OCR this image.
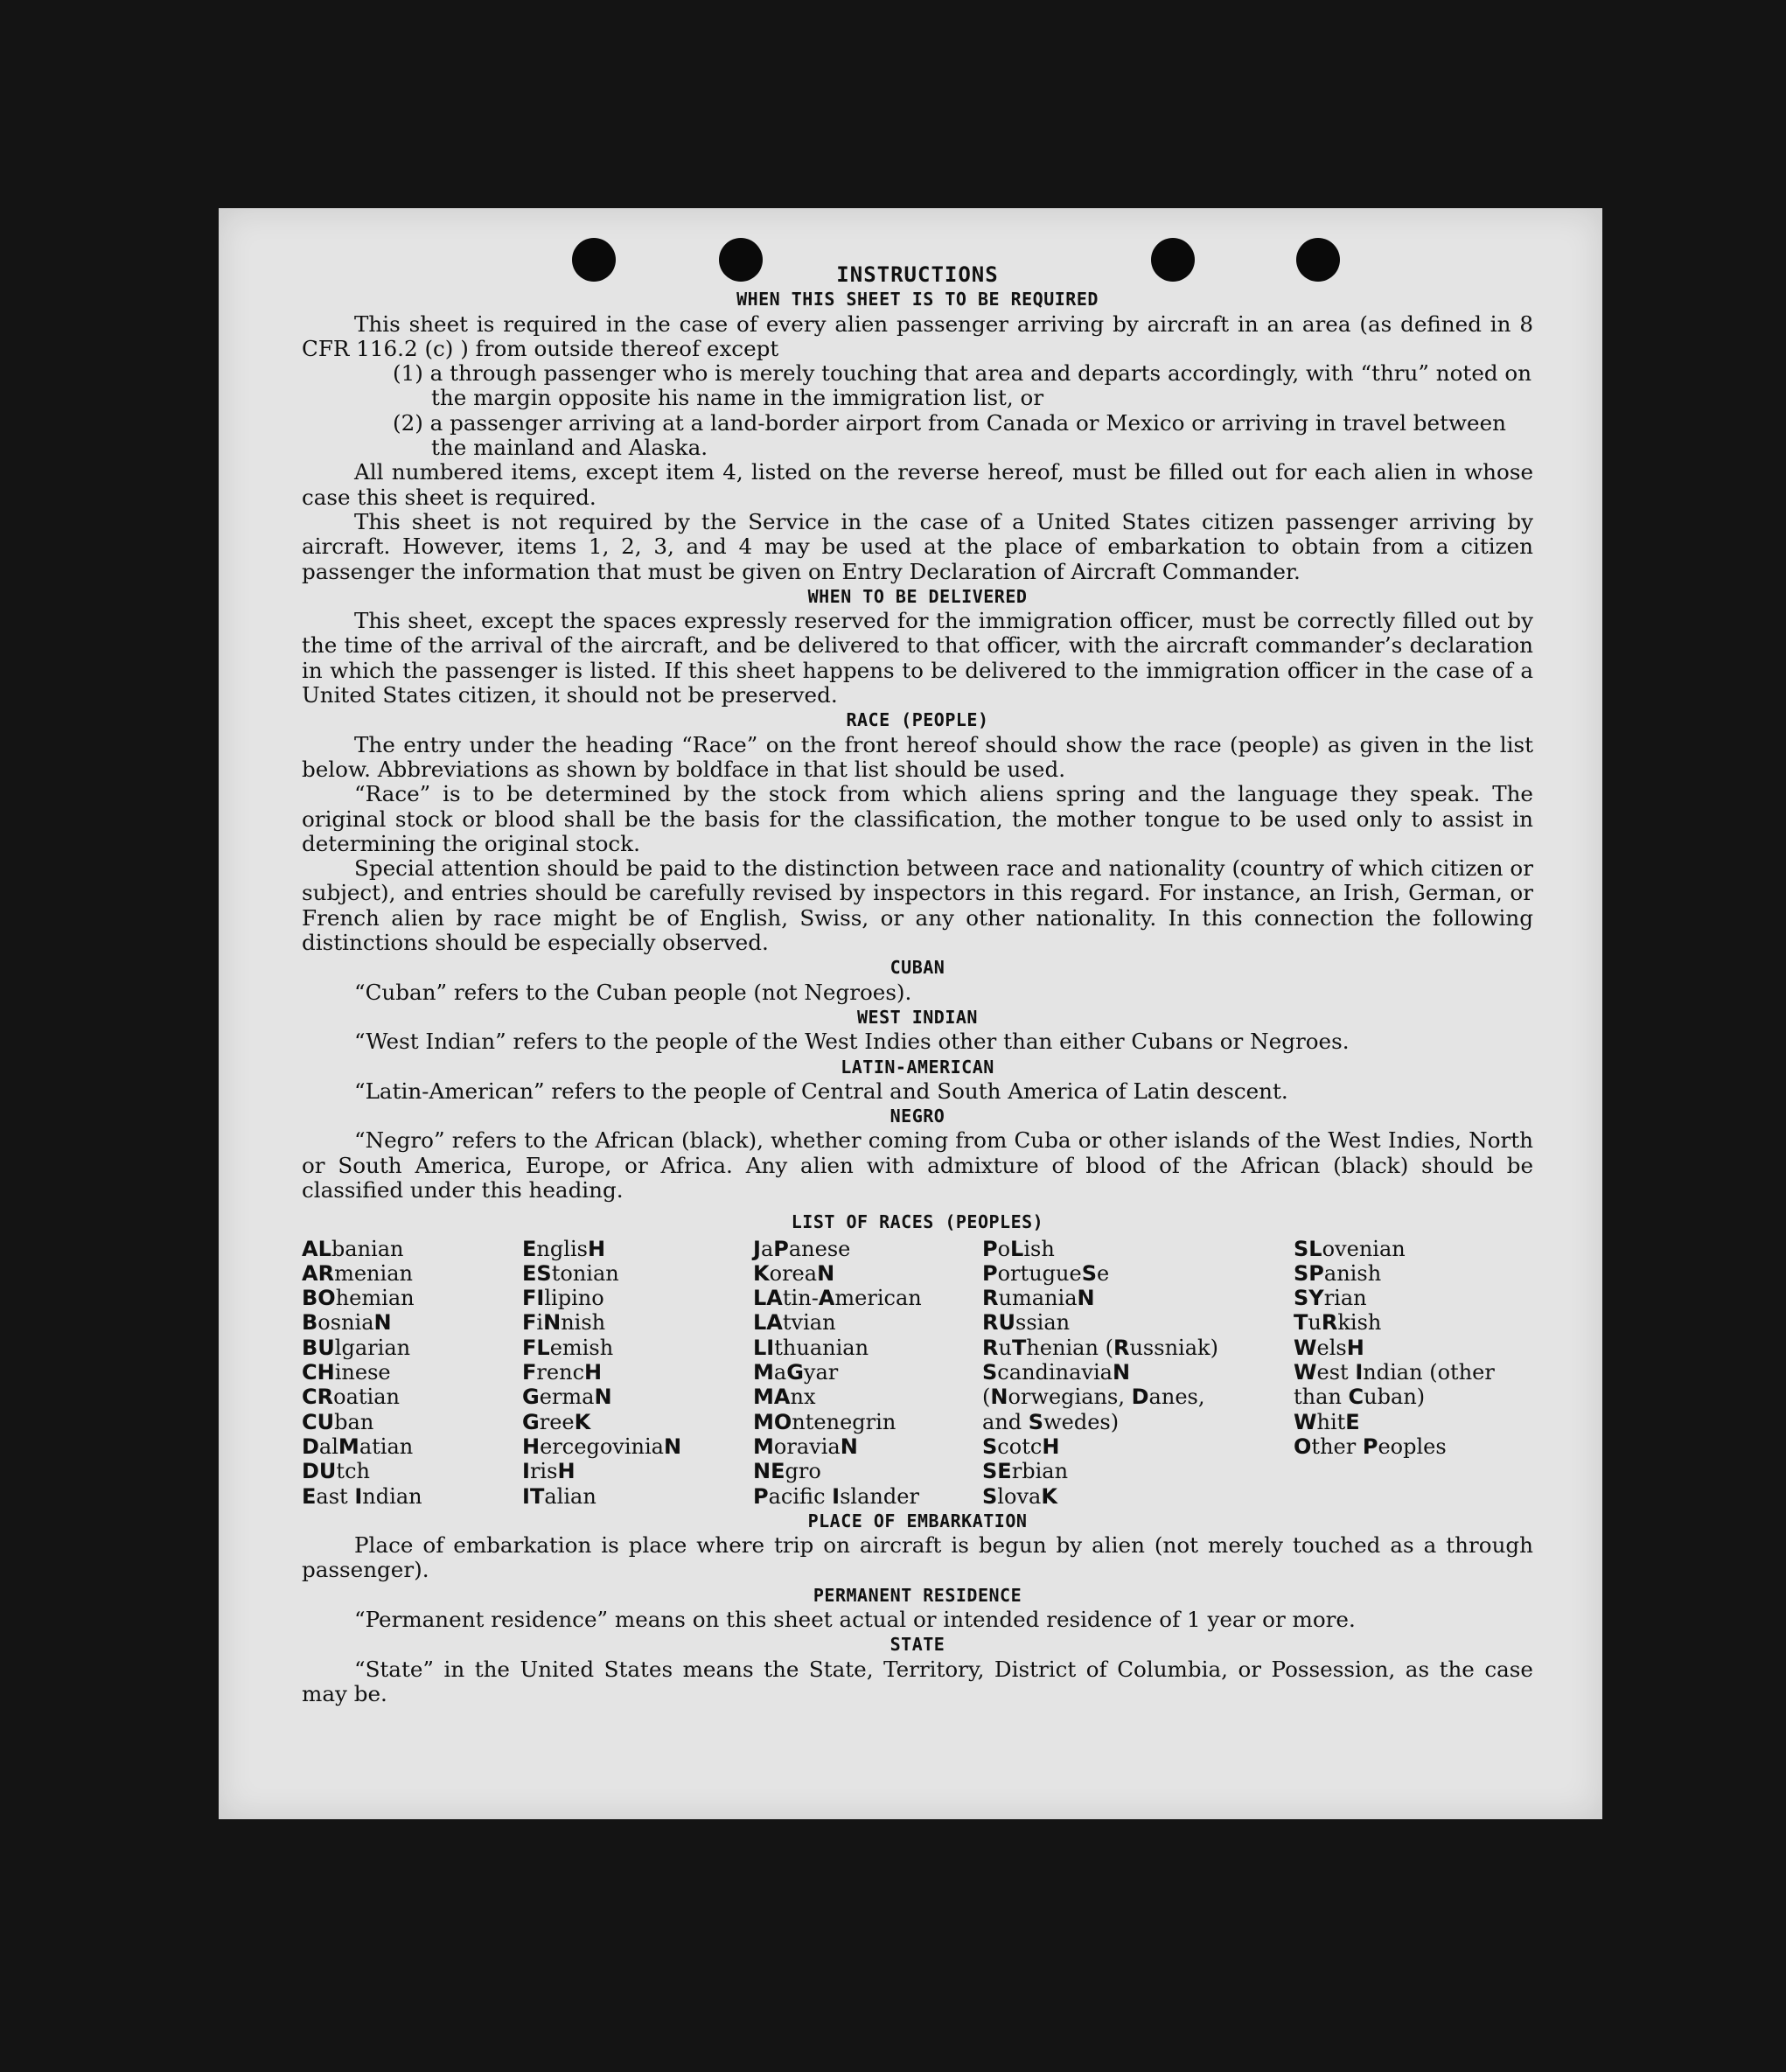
INSTRUCTIONS
WHEN THIS SHEET IS TO BE REQUIRED

This sheet is required in the case of every alien passenger arriving by aircraft in an area (as defined in 8 CFR 116.2 (c) ) from outside thereof except

(1) a through passenger who is merely touching that area and departs accordingly, with “thru” noted on the margin opposite his name in the immigration list, or
(2) a passenger arriving at a land-border airport from Canada or Mexico or arriving in travel between the mainland and Alaska.

All numbered items, except item 4, listed on the reverse hereof, must be filled out for each alien in whose case this sheet is required.

This sheet is not required by the Service in the case of a United States citizen passenger arriving by aircraft. However, items 1, 2, 3, and 4 may be used at the place of embarkation to obtain from a citizen passenger the information that must be given on Entry Declaration of Aircraft Commander.

WHEN TO BE DELIVERED

This sheet, except the spaces expressly reserved for the immigration officer, must be correctly filled out by the time of the arrival of the aircraft, and be delivered to that officer, with the aircraft commander’s declaration in which the passenger is listed. If this sheet happens to be delivered to the immigration officer in the case of a United States citizen, it should not be preserved.

RACE (PEOPLE)

The entry under the heading “Race” on the front hereof should show the race (people) as given in the list below. Abbreviations as shown by boldface in that list should be used.

“Race” is to be determined by the stock from which aliens spring and the language they speak. The original stock or blood shall be the basis for the classification, the mother tongue to be used only to assist in determining the original stock.

Special attention should be paid to the distinction between race and nationality (country of which citizen or subject), and entries should be carefully revised by inspectors in this regard. For instance, an Irish, German, or French alien by race might be of English, Swiss, or any other nationality. In this connection the following distinctions should be especially observed.

CUBAN

“Cuban” refers to the Cuban people (not Negroes).

WEST INDIAN

“West Indian” refers to the people of the West Indies other than either Cubans or Negroes.

LATIN-AMERICAN

“Latin-American” refers to the people of Central and South America of Latin descent.

NEGRO

“Negro” refers to the African (black), whether coming from Cuba or other islands of the West Indies, North or South America, Europe, or Africa. Any alien with admixture of blood of the African (black) should be classified under this heading.

LIST OF RACES (PEOPLES)
ALbanian
ARmenian
BOhemian
BosniaN
BUlgarian
CHinese
CRoatian
CUban
DalMatian
DUtch
East Indian
EnglisH
EStonian
FIlipino
FiNnish
FLemish
FrencH
GermaN
GreeK
HercegoviniaN
IrisH
ITalian
JaPanese
KoreaN
LAtin-American
LAtvian
LIthuanian
MaGyar
MAnx
MOntenegrin
MoraviaN
NEgro
Pacifc Islander
PoLish
PortugueSe
RumaniaN
RUssian
RuThenian (Russniak)
ScandinaviaN (Norwegians, Danes, and Swedes)
ScotcH
SErbian
SlovaK
SLovenian
SPanish
SYrian
TuRkish
WelsH
West Indian (other than Cuban)
WhitE
Other Peoples
PLACE OF EMBARKATION

Place of embarkation is place where trip on aircraft is begun by alien (not merely touched as a through passenger).

PERMANENT RESIDENCE

“Permanent residence” means on this sheet actual or intended residence of 1 year or more.

STATE

“State” in the United States means the State, Territory, District of Columbia, or Possession, as the case may be.
